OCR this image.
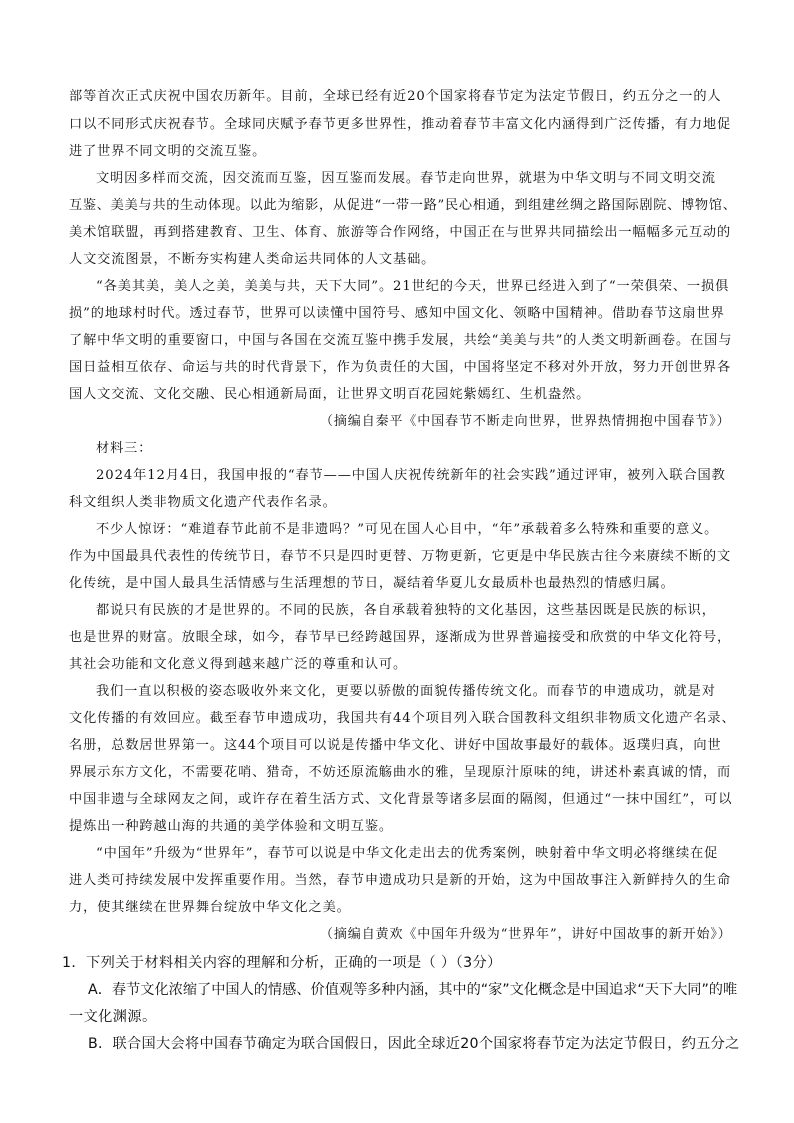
部等首次正式庆祝中国农历新年。目前，全球已经有近20个国家将春节定为法定节假日，约五分之一的人
口以不同形式庆祝春节。全球同庆赋予春节更多世界性，推动着春节丰富文化内涵得到广泛传播，有力地促
进了世界不同文明的交流互鉴。
文明因多样而交流，因交流而互鉴，因互鉴而发展。春节走向世界，就堪为中华文明与不同文明交流
互鉴、美美与共的生动体现。以此为缩影，从促进“一带一路”民心相通，到组建丝绸之路国际剧院、博物馆、
美术馆联盟，再到搭建教育、卫生、体育、旅游等合作网络，中国正在与世界共同描绘出一幅幅多元互动的
人文交流图景，不断夯实构建人类命运共同体的人文基础。
“各美其美，美人之美，美美与共，天下大同”。21世纪的今天，世界已经进入到了“一荣俱荣、一损俱
损”的地球村时代。透过春节，世界可以读懂中国符号、感知中国文化、领略中国精神。借助春节这扇世界
了解中华文明的重要窗口，中国与各国在交流互鉴中携手发展，共绘“美美与共”的人类文明新画卷。在国与
国日益相互依存、命运与共的时代背景下，作为负责任的大国，中国将坚定不移对外开放，努力开创世界各
国人文交流、文化交融、民心相通新局面，让世界文明百花园姹紫嫣红、生机盎然。
（摘编自秦平《中国春节不断走向世界，世界热情拥抱中国春节》）
材料三：
2024年12月4日，我国申报的“春节——中国人庆祝传统新年的社会实践”通过评审，被列入联合国教
科文组织人类非物质文化遗产代表作名录。
不少人惊讶：“难道春节此前不是非遗吗？”可见在国人心目中，“年”承载着多么特殊和重要的意义。
作为中国最具代表性的传统节日，春节不只是四时更替、万物更新，它更是中华民族古往今来赓续不断的文
化传统，是中国人最具生活情感与生活理想的节日，凝结着华夏儿女最质朴也最热烈的情感归属。
都说只有民族的才是世界的。不同的民族，各自承载着独特的文化基因，这些基因既是民族的标识，
也是世界的财富。放眼全球，如今，春节早已经跨越国界，逐渐成为世界普遍接受和欣赏的中华文化符号，
其社会功能和文化意义得到越来越广泛的尊重和认可。
我们一直以积极的姿态吸收外来文化，更要以骄傲的面貌传播传统文化。而春节的申遗成功，就是对
文化传播的有效回应。截至春节申遗成功，我国共有44个项目列入联合国教科文组织非物质文化遗产名录、
名册，总数居世界第一。这44个项目可以说是传播中华文化、讲好中国故事最好的载体。返璞归真，向世
界展示东方文化，不需要花哨、猎奇，不妨还原流觞曲水的雅，呈现原汁原味的纯，讲述朴素真诚的情，而
中国非遗与全球网友之间，或许存在着生活方式、文化背景等诸多层面的隔阂，但通过“一抹中国红”，可以
提炼出一种跨越山海的共通的美学体验和文明互鉴。
“中国年”升级为“世界年”，春节可以说是中华文化走出去的优秀案例，映射着中华文明必将继续在促
进人类可持续发展中发挥重要作用。当然，春节申遗成功只是新的开始，这为中国故事注入新鲜持久的生命
力，使其继续在世界舞台绽放中华文化之美。
（摘编自黄欢《中国年升级为“世界年”，讲好中国故事的新开始》）
1．下列关于材料相关内容的理解和分析，正确的一项是（ ）（3分）
A．春节文化浓缩了中国人的情感、价值观等多种内涵，其中的“家”文化概念是中国追求“天下大同”的唯
一文化渊源。
B．联合国大会将中国春节确定为联合国假日，因此全球近20个国家将春节定为法定节假日，约五分之
